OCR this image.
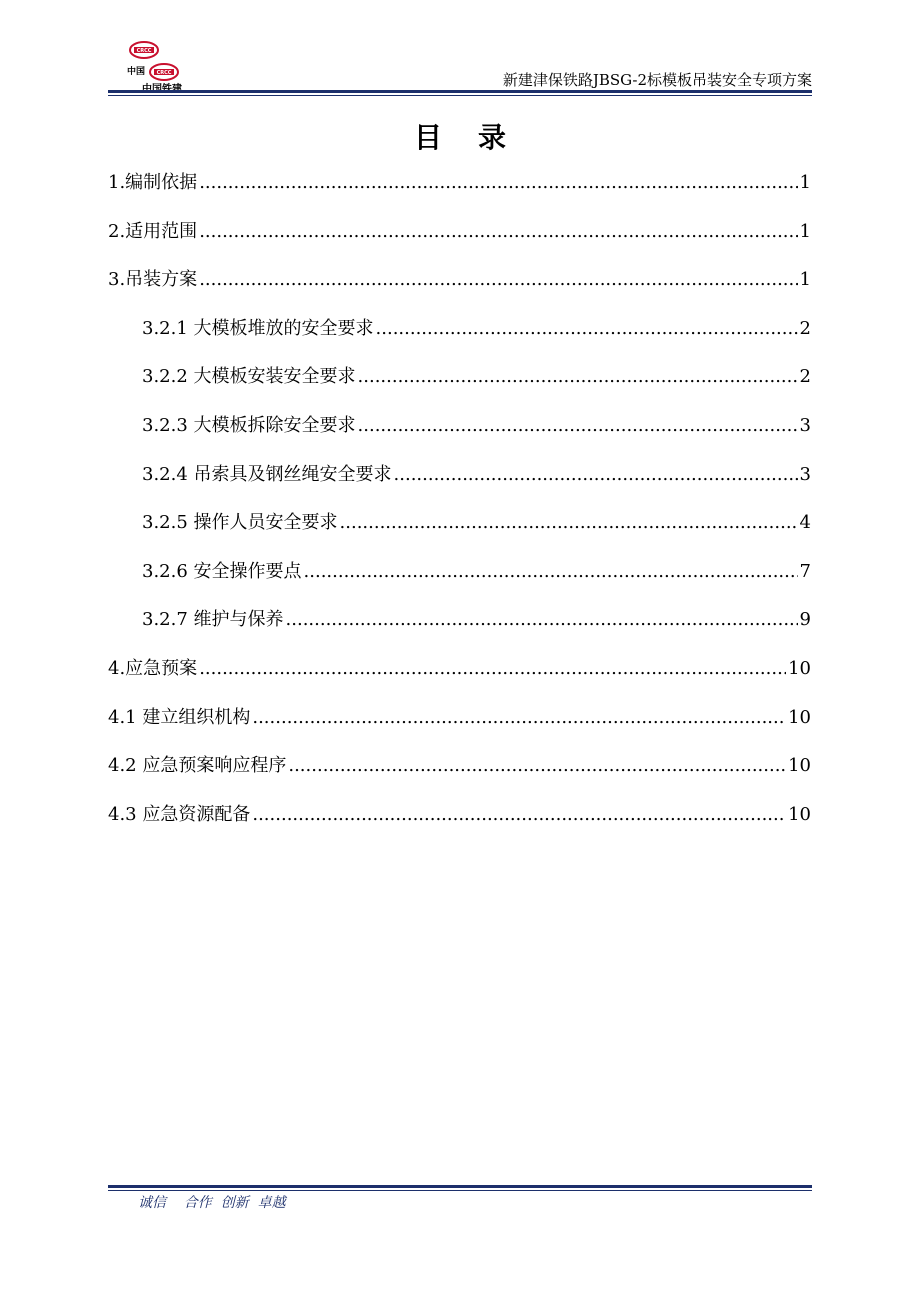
CRCC
CRCC
中国	新建津保铁路JBSG-2标模板吊装安全专项方案
目录
1.编制依据 .....	1
2.适用范围 .....	1
3.吊装方案 .....	1
3.2.1 大模板堆放的安全要求 .....	2
3.2.2 大模板安装安全要求 .....	2
3.2.3 大模板拆除安全要求 .....	3
3.2.4 吊索具及钢丝绳安全要求 .....	3
3.2.5 操作人员安全要求 .....	4
3.2.6 安全操作要点 .....	7
3.2.7 维护与保养 .....	9
4.应急预案 .....	10
4.1 建立组织机构 .....	10
4.2 应急预案响应程序 .....	10
4.3 应急资源配备 .....	10
诚信    合作  创新  卓越
